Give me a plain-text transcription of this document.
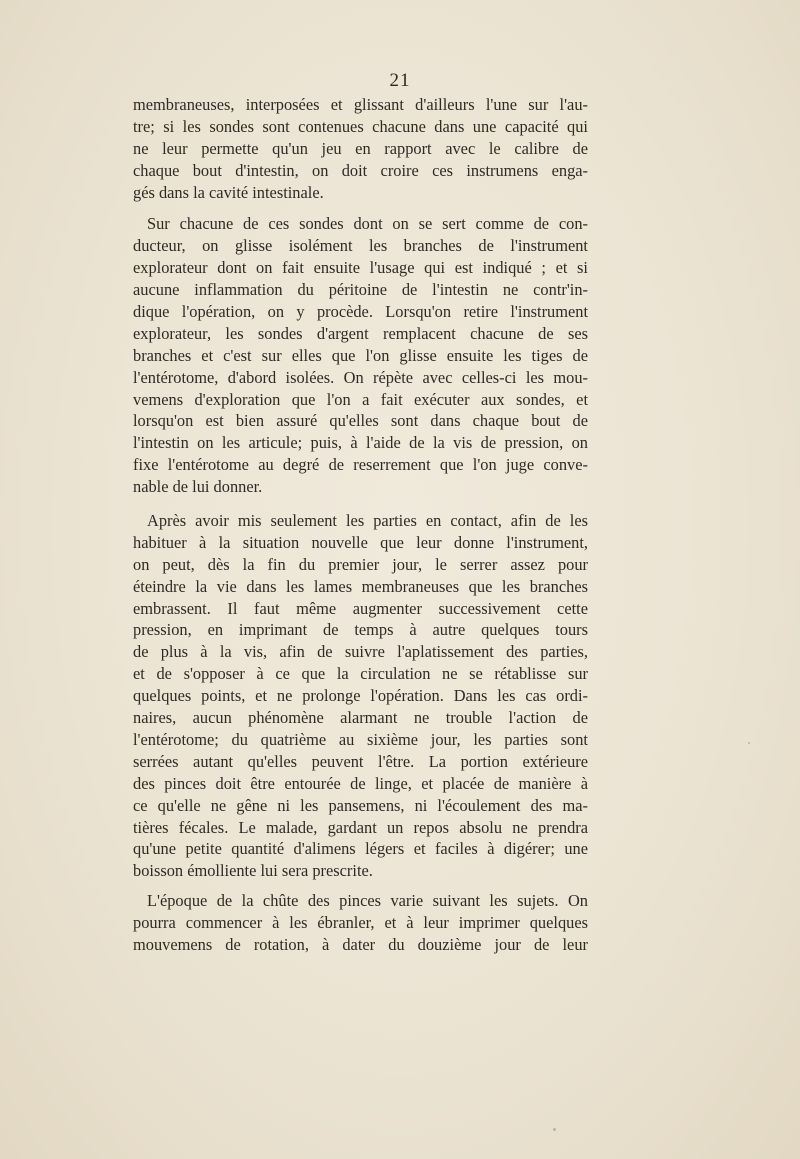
21

membraneuses, interposées et glissant d'ailleurs l'une sur l'au-
tre; si les sondes sont contenues chacune dans une capacité qui
ne leur permette qu'un jeu en rapport avec le calibre de
chaque bout d'intestin, on doit croire ces instrumens enga-
gés dans la cavité intestinale.

Sur chacune de ces sondes dont on se sert comme de con-
ducteur, on glisse isolément les branches de l'instrument
explorateur dont on fait ensuite l'usage qui est indiqué ; et si
aucune inflammation du péritoine de l'intestin ne contr'in-
dique l'opération, on y procède. Lorsqu'on retire l'instrument
explorateur, les sondes d'argent remplacent chacune de ses
branches et c'est sur elles que l'on glisse ensuite les tiges de
l'entérotome, d'abord isolées. On répète avec celles-ci les mou-
vemens d'exploration que l'on a fait exécuter aux sondes, et
lorsqu'on est bien assuré qu'elles sont dans chaque bout de
l'intestin on les articule; puis, à l'aide de la vis de pression, on
fixe l'entérotome au degré de reserrement que l'on juge conve-
nable de lui donner.

Après avoir mis seulement les parties en contact, afin de les
habituer à la situation nouvelle que leur donne l'instrument,
on peut, dès la fin du premier jour, le serrer assez pour
éteindre la vie dans les lames membraneuses que les branches
embrassent. Il faut même augmenter successivement cette
pression, en imprimant de temps à autre quelques tours
de plus à la vis, afin de suivre l'aplatissement des parties,
et de s'opposer à ce que la circulation ne se rétablisse sur
quelques points, et ne prolonge l'opération. Dans les cas ordi-
naires, aucun phénomène alarmant ne trouble l'action de
l'entérotome; du quatrième au sixième jour, les parties sont
serrées autant qu'elles peuvent l'être. La portion extérieure
des pinces doit être entourée de linge, et placée de manière à
ce qu'elle ne gêne ni les pansemens, ni l'écoulement des ma-
tières fécales. Le malade, gardant un repos absolu ne prendra
qu'une petite quantité d'alimens légers et faciles à digérer; une
boisson émolliente lui sera prescrite.

L'époque de la chûte des pinces varie suivant les sujets. On
pourra commencer à les ébranler, et à leur imprimer quelques
mouvemens de rotation, à dater du douzième jour de leur
